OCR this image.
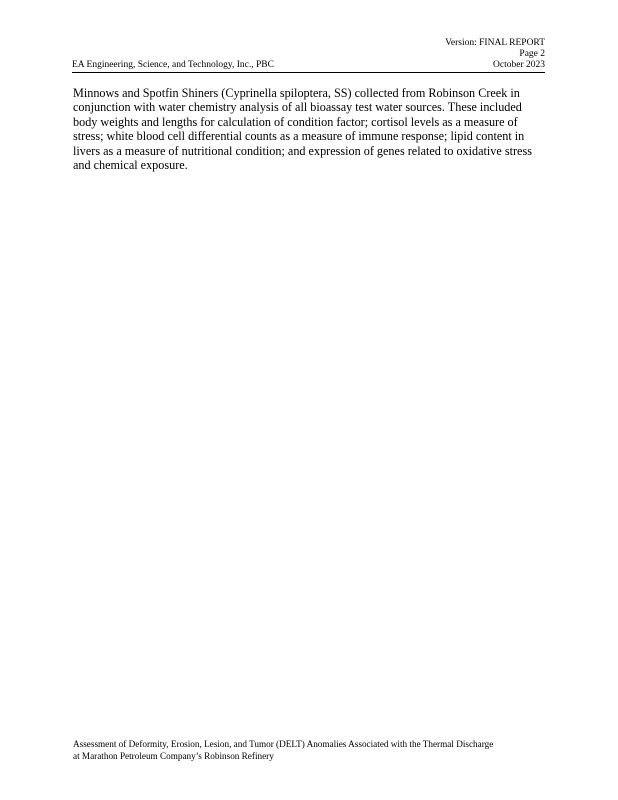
Version: FINAL REPORT
Page 2
October 2023
EA Engineering, Science, and Technology, Inc., PBC
Minnows and Spotfin Shiners (Cyprinella spiloptera, SS) collected from Robinson Creek in
conjunction with water chemistry analysis of all bioassay test water sources. These included
body weights and lengths for calculation of condition factor; cortisol levels as a measure of
stress; white blood cell differential counts as a measure of immune response; lipid content in
livers as a measure of nutritional condition; and expression of genes related to oxidative stress
and chemical exposure.
Assessment of Deformity, Erosion, Lesion, and Tumor (DELT) Anomalies Associated with the Thermal Discharge
at Marathon Petroleum Company’s Robinson Refinery
